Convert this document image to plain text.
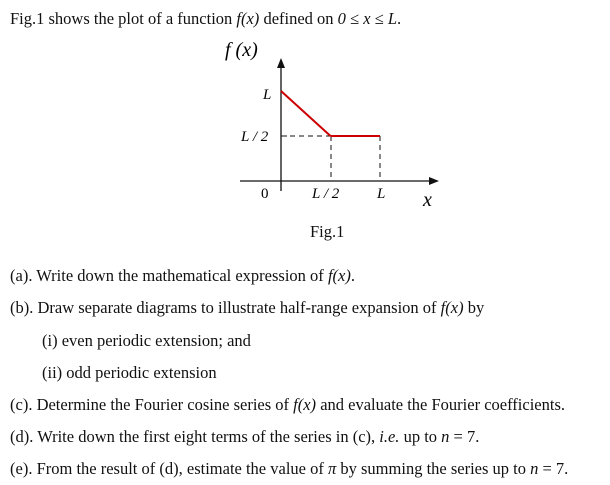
Fig.1 shows the plot of a function f(x) defined on 0 ≤ x ≤ L.
f (x)
L
L / 2
0	L / 2	L x
Fig.1
(a). Write down the mathematical expression of f(x).
(b). Draw separate diagrams to illustrate half-range expansion of f(x) by
(i) even periodic extension; and
(ii) odd periodic extension
(c). Determine the Fourier cosine series of f(x) and evaluate the Fourier coefficients.
(d). Write down the first eight terms of the series in (c), i.e. up to n = 7.
(e). From the result of (d), estimate the value of π by summing the series up to n = 7.
